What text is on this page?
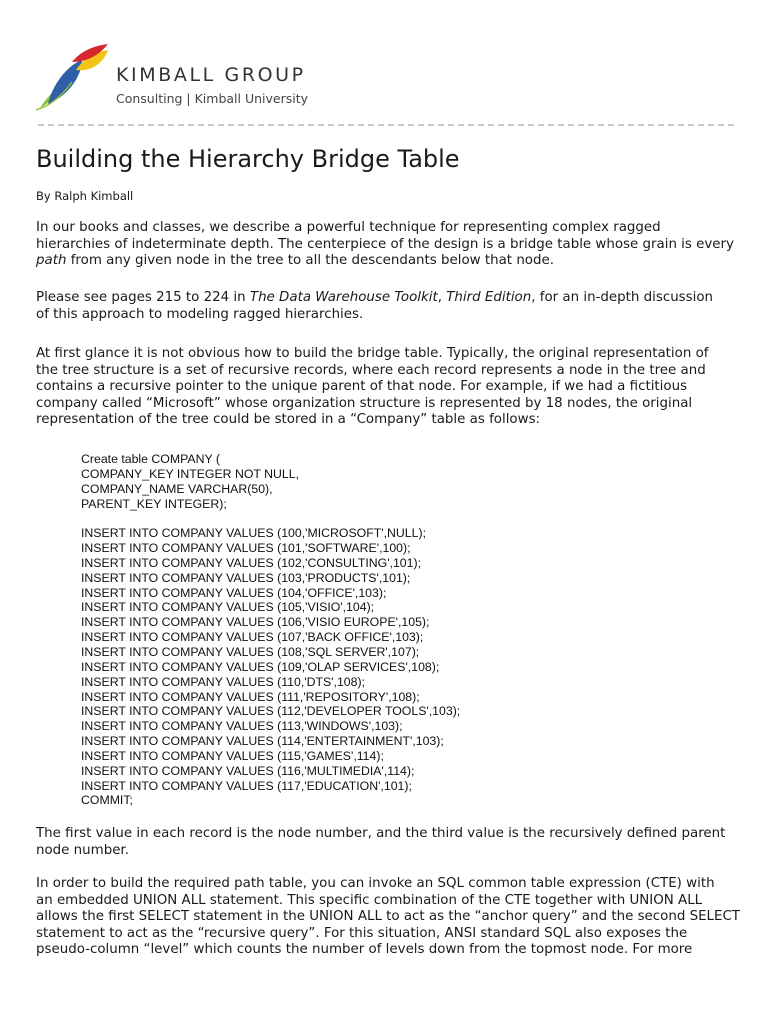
KIMBALL GROUP
Consulting | Kimball University
Building the Hierarchy Bridge Table
By Ralph Kimball

In our books and classes, we describe a powerful technique for representing complex ragged
hierarchies of indeterminate depth. The centerpiece of the design is a bridge table whose grain is every
path from any given node in the tree to all the descendants below that node.

Please see pages 215 to 224 in The Data Warehouse Toolkit, Third Edition, for an in-depth discussion
of this approach to modeling ragged hierarchies.

At first glance it is not obvious how to build the bridge table. Typically, the original representation of
the tree structure is a set of recursive records, where each record represents a node in the tree and
contains a recursive pointer to the unique parent of that node. For example, if we had a fictitious
company called “Microsoft” whose organization structure is represented by 18 nodes, the original
representation of the tree could be stored in a “Company” table as follows:

Create table COMPANY (
COMPANY_KEY INTEGER NOT NULL,
COMPANY_NAME VARCHAR(50),
PARENT_KEY INTEGER);
INSERT INTO COMPANY VALUES (100,'MICROSOFT',NULL);
INSERT INTO COMPANY VALUES (101,'SOFTWARE',100);
INSERT INTO COMPANY VALUES (102,'CONSULTING',101);
INSERT INTO COMPANY VALUES (103,'PRODUCTS',101);
INSERT INTO COMPANY VALUES (104,'OFFICE',103);
INSERT INTO COMPANY VALUES (105,'VISIO',104);
INSERT INTO COMPANY VALUES (106,'VISIO EUROPE',105);
INSERT INTO COMPANY VALUES (107,'BACK OFFICE',103);
INSERT INTO COMPANY VALUES (108,'SQL SERVER',107);
INSERT INTO COMPANY VALUES (109,'OLAP SERVICES',108);
INSERT INTO COMPANY VALUES (110,'DTS',108);
INSERT INTO COMPANY VALUES (111,'REPOSITORY',108);
INSERT INTO COMPANY VALUES (112,'DEVELOPER TOOLS',103);
INSERT INTO COMPANY VALUES (113,'WINDOWS',103);
INSERT INTO COMPANY VALUES (114,'ENTERTAINMENT',103);
INSERT INTO COMPANY VALUES (115,'GAMES',114);
INSERT INTO COMPANY VALUES (116,'MULTIMEDIA',114);
INSERT INTO COMPANY VALUES (117,'EDUCATION',101);
COMMIT;

The first value in each record is the node number, and the third value is the recursively defined parent
node number.

In order to build the required path table, you can invoke an SQL common table expression (CTE) with
an embedded UNION ALL statement. This specific combination of the CTE together with UNION ALL
allows the first SELECT statement in the UNION ALL to act as the “anchor query” and the second SELECT
statement to act as the “recursive query”. For this situation, ANSI standard SQL also exposes the
pseudo-column “level” which counts the number of levels down from the topmost node. For more
